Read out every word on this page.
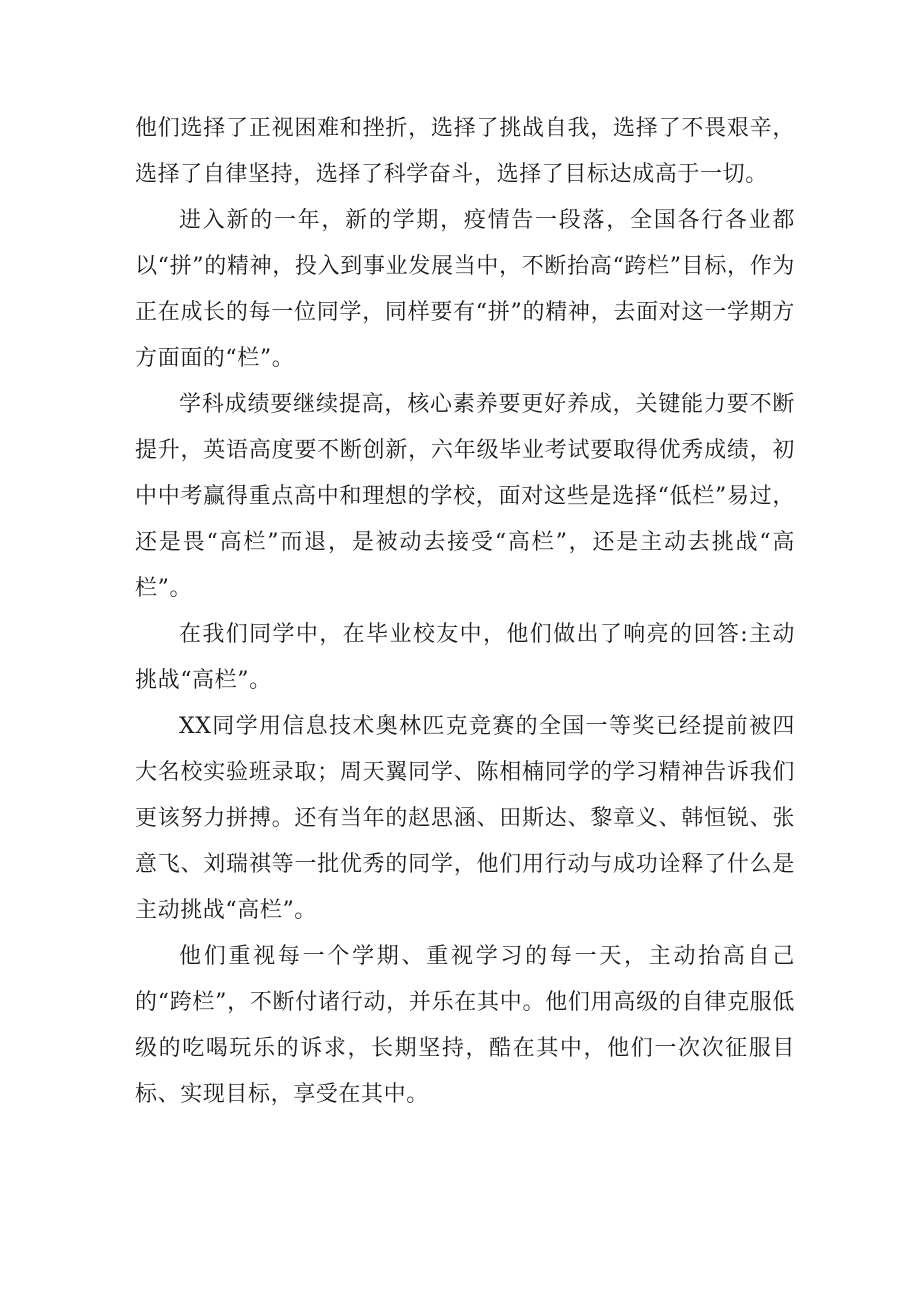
他们选择了正视困难和挫折，选择了挑战自我，选择了不畏艰辛，选择了自律坚持，选择了科学奋斗，选择了目标达成高于一切。

进入新的一年，新的学期，疫情告一段落，全国各行各业都以“拼”的精神，投入到事业发展当中，不断抬高“跨栏”目标，作为正在成长的每一位同学，同样要有“拼”的精神，去面对这一学期方方面面的“栏”。

学科成绩要继续提高，核心素养要更好养成，关键能力要不断提升，英语高度要不断创新，六年级毕业考试要取得优秀成绩，初中中考赢得重点高中和理想的学校，面对这些是选择“低栏”易过，还是畏“高栏”而退，是被动去接受“高栏”，还是主动去挑战“高栏”。

在我们同学中，在毕业校友中，他们做出了响亮的回答:主动挑战“高栏”。

XX同学用信息技术奥林匹克竞赛的全国一等奖已经提前被四大名校实验班录取；周天翼同学、陈相楠同学的学习精神告诉我们更该努力拼搏。还有当年的赵思涵、田斯达、黎章义、韩恒锐、张意飞、刘瑞祺等一批优秀的同学，他们用行动与成功诠释了什么是主动挑战“高栏”。

他们重视每一个学期、重视学习的每一天，主动抬高自己的“跨栏”，不断付诸行动，并乐在其中。他们用高级的自律克服低级的吃喝玩乐的诉求，长期坚持，酷在其中，他们一次次征服目标、实现目标，享受在其中。
